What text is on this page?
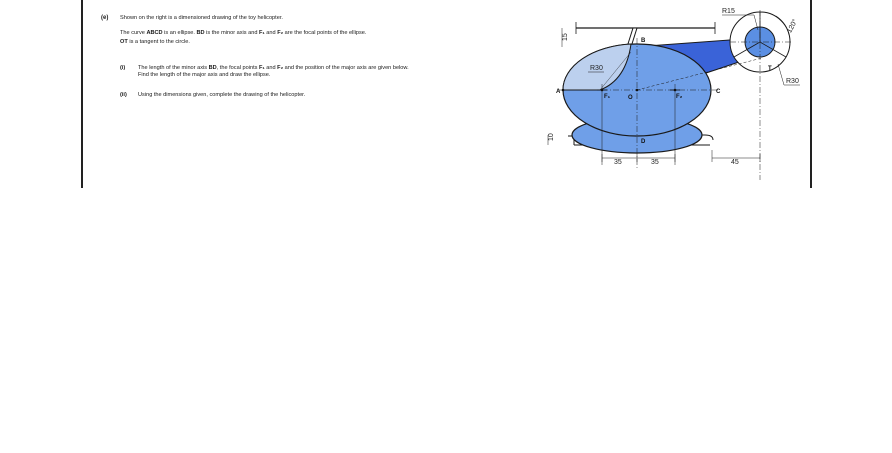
(e) Shown on the right is a dimensioned drawing of the toy helicopter.
The curve ABCD is an ellipse. BD is the minor axis and F₁ and F₂ are the focal points of the ellipse.
OT is a tangent to the circle.
(i) The length of the minor axis BD, the focal points F₁ and F₂ and the position of the major axis are given below.
Find the length of the major axis and draw the ellipse.
(ii) Using the dimensions given, complete the drawing of the helicopter.	A
B
C
D
O
T
F₁	F₂
R15
120°
R30
R30
15
10
35	35	45
